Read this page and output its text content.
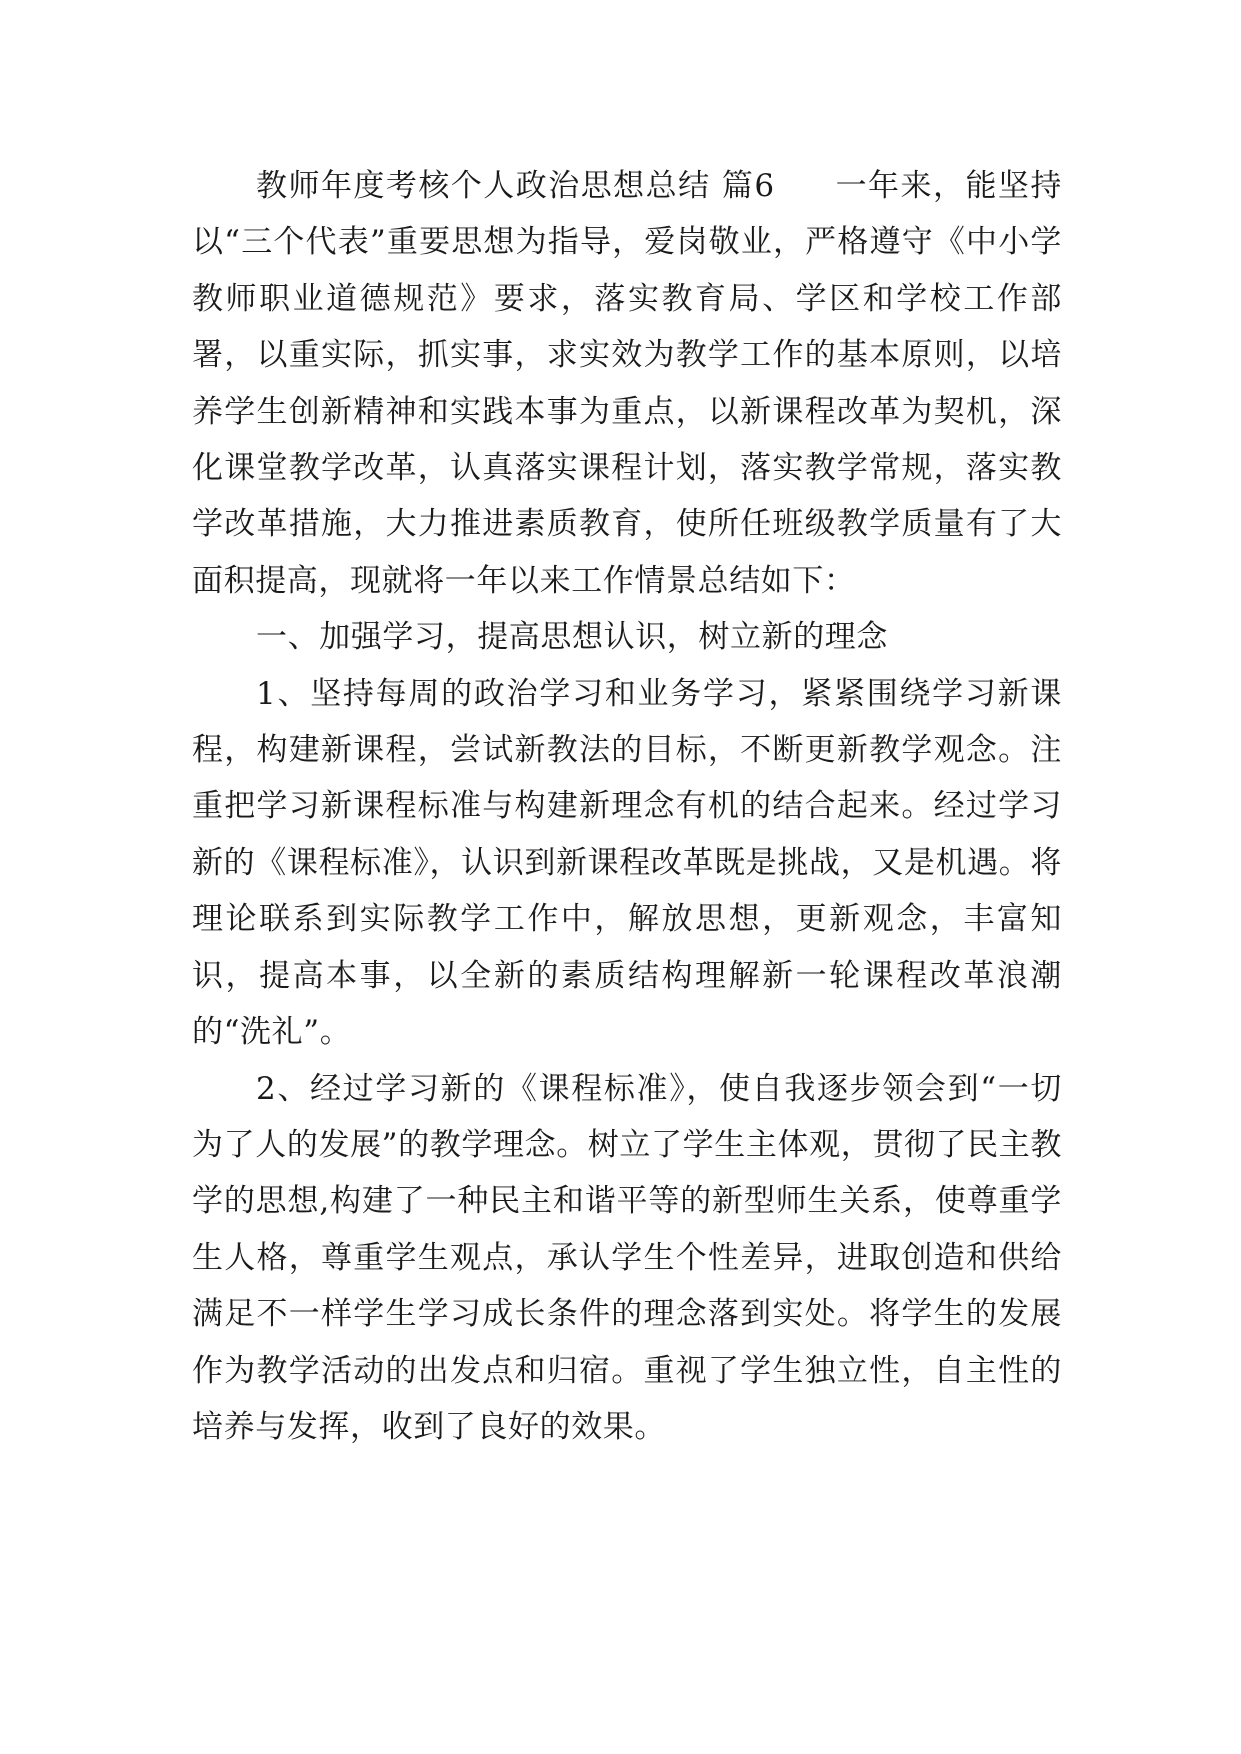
教师年度考核个人政治思想总结 篇6 一年来，能坚持以“三个代表”重要思想为指导，爱岗敬业，严格遵守《中小学教师职业道德规范》要求，落实教育局、学区和学校工作部署，以重实际，抓实事，求实效为教学工作的基本原则，以培养学生创新精神和实践本事为重点，以新课程改革为契机，深化课堂教学改革，认真落实课程计划，落实教学常规，落实教学改革措施，大力推进素质教育，使所任班级教学质量有了大面积提高，现就将一年以来工作情景总结如下：

一、加强学习，提高思想认识，树立新的理念

1、坚持每周的政治学习和业务学习，紧紧围绕学习新课程，构建新课程，尝试新教法的目标，不断更新教学观念。注重把学习新课程标准与构建新理念有机的结合起来。经过学习新的《课程标准》，认识到新课程改革既是挑战，又是机遇。将理论联系到实际教学工作中，解放思想，更新观念，丰富知识，提高本事，以全新的素质结构理解新一轮课程改革浪潮的“洗礼”。

2、经过学习新的《课程标准》，使自我逐步领会到“一切为了人的发展”的教学理念。树立了学生主体观，贯彻了民主教学的思想,构建了一种民主和谐平等的新型师生关系，使尊重学生人格，尊重学生观点，承认学生个性差异，进取创造和供给满足不一样学生学习成长条件的理念落到实处。将学生的发展作为教学活动的出发点和归宿。重视了学生独立性，自主性的培养与发挥，收到了良好的效果。
